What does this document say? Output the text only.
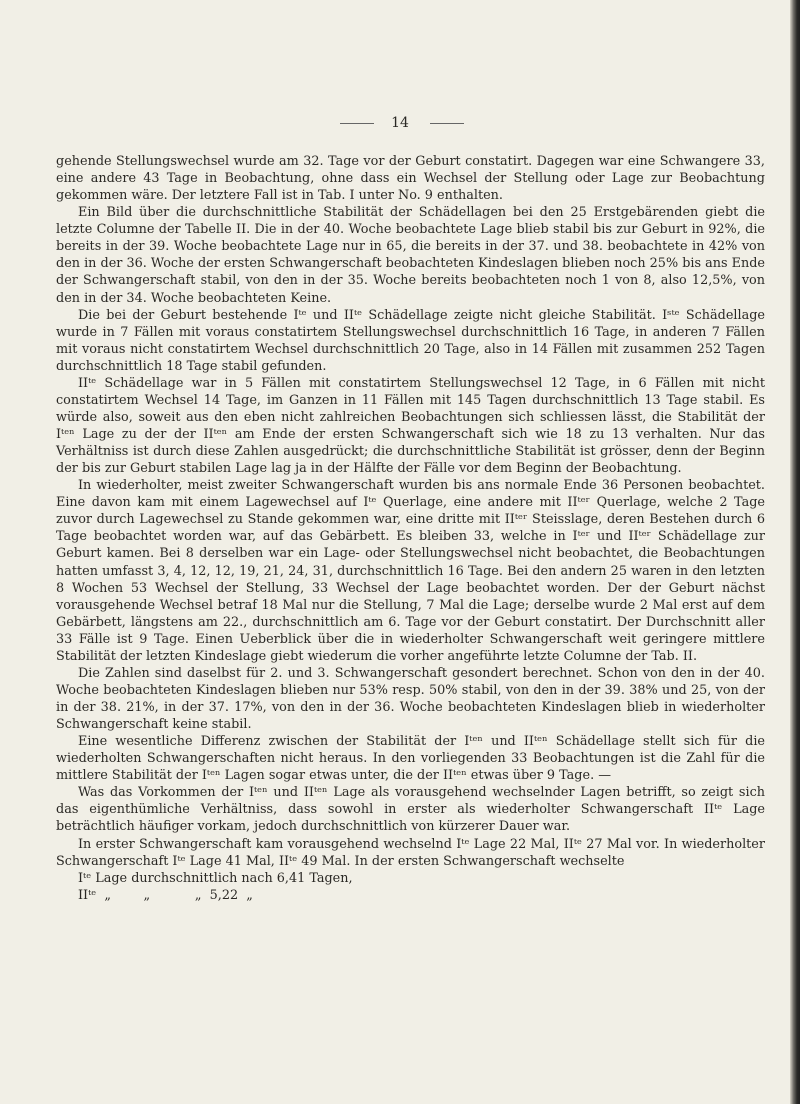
14

gehende Stellungswechsel wurde am 32. Tage vor der Geburt constatirt. Dagegen war eine Schwangere 33, eine andere 43 Tage in Beobachtung, ohne dass ein Wechsel der Stellung oder Lage zur Beobachtung gekommen wäre. Der letztere Fall ist in Tab. I unter No. 9 enthalten.

Ein Bild über die durchschnittliche Stabilität der Schädellagen bei den 25 Erstgebärenden giebt die letzte Columne der Tabelle II. Die in der 40. Woche beobachtete Lage blieb stabil bis zur Geburt in 92%, die bereits in der 39. Woche beobachtete Lage nur in 65, die bereits in der 37. und 38. beobachtete in 42% von den in der 36. Woche der ersten Schwangerschaft beobachteten Kindeslagen blieben noch 25% bis ans Ende der Schwangerschaft stabil, von den in der 35. Woche bereits beobachteten noch 1 von 8, also 12,5%, von den in der 34. Woche beobachteten Keine.

Die bei der Geburt bestehende Iᵗᵉ und IIᵗᵉ Schädellage zeigte nicht gleiche Stabilität. Iˢᵗᵉ Schädellage wurde in 7 Fällen mit voraus constatirtem Stellungswechsel durchschnittlich 16 Tage, in anderen 7 Fällen mit voraus nicht constatirtem Wechsel durchschnittlich 20 Tage, also in 14 Fällen mit zusammen 252 Tagen durchschnittlich 18 Tage stabil gefunden.

IIᵗᵉ Schädellage war in 5 Fällen mit constatirtem Stellungswechsel 12 Tage, in 6 Fällen mit nicht constatirtem Wechsel 14 Tage, im Ganzen in 11 Fällen mit 145 Tagen durchschnittlich 13 Tage stabil. Es würde also, soweit aus den eben nicht zahlreichen Beobachtungen sich schliessen lässt, die Stabilität der Iᵗᵉⁿ Lage zu der der IIᵗᵉⁿ am Ende der ersten Schwangerschaft sich wie 18 zu 13 verhalten. Nur das Verhältniss ist durch diese Zahlen ausgedrückt; die durchschnittliche Stabilität ist grösser, denn der Beginn der bis zur Geburt stabilen Lage lag ja in der Hälfte der Fälle vor dem Beginn der Beobachtung.

In wiederholter, meist zweiter Schwangerschaft wurden bis ans normale Ende 36 Personen beobachtet. Eine davon kam mit einem Lagewechsel auf Iᵗᵉ Querlage, eine andere mit IIᵗᵉʳ Querlage, welche 2 Tage zuvor durch Lagewechsel zu Stande gekommen war, eine dritte mit IIᵗᵉʳ Steisslage, deren Bestehen durch 6 Tage beobachtet worden war, auf das Gebärbett. Es bleiben 33, welche in Iᵗᵉʳ und IIᵗᵉʳ Schädellage zur Geburt kamen. Bei 8 derselben war ein Lage- oder Stellungswechsel nicht beobachtet, die Beobachtungen hatten umfasst 3, 4, 12, 12, 19, 21, 24, 31, durchschnittlich 16 Tage. Bei den andern 25 waren in den letzten 8 Wochen 53 Wechsel der Stellung, 33 Wechsel der Lage beobachtet worden. Der der Geburt nächst vorausgehende Wechsel betraf 18 Mal nur die Stellung, 7 Mal die Lage; derselbe wurde 2 Mal erst auf dem Gebärbett, längstens am 22., durchschnittlich am 6. Tage vor der Geburt constatirt. Der Durchschnitt aller 33 Fälle ist 9 Tage. Einen Ueberblick über die in wiederholter Schwangerschaft weit geringere mittlere Stabilität der letzten Kindeslage giebt wiederum die vorher angeführte letzte Columne der Tab. II.

Die Zahlen sind daselbst für 2. und 3. Schwangerschaft gesondert berechnet. Schon von den in der 40. Woche beobachteten Kindeslagen blieben nur 53% resp. 50% stabil, von den in der 39. 38% und 25, von der in der 38. 21%, in der 37. 17%, von den in der 36. Woche beobachteten Kindeslagen blieb in wiederholter Schwangerschaft keine stabil.

Eine wesentliche Differenz zwischen der Stabilität der Iᵗᵉⁿ und IIᵗᵉⁿ Schädellage stellt sich für die wiederholten Schwangerschaften nicht heraus. In den vorliegenden 33 Beobachtungen ist die Zahl für die mittlere Stabilität der Iᵗᵉⁿ Lagen sogar etwas unter, die der IIᵗᵉⁿ etwas über 9 Tage. —

Was das Vorkommen der Iᵗᵉⁿ und IIᵗᵉⁿ Lage als vorausgehend wechselnder Lagen betrifft, so zeigt sich das eigenthümliche Verhältniss, dass sowohl in erster als wiederholter Schwangerschaft IIᵗᵉ Lage beträchtlich häufiger vorkam, jedoch durchschnittlich von kürzerer Dauer war.

In erster Schwangerschaft kam vorausgehend wechselnd Iᵗᵉ Lage 22 Mal, IIᵗᵉ 27 Mal vor. In wiederholter Schwangerschaft Iᵗᵉ Lage 41 Mal, IIᵗᵉ 49 Mal. In der ersten Schwangerschaft wechselte

Iᵗᵉ Lage durchschnittlich nach 6,41 Tagen,
IIᵗᵉ  „        „           „  5,22  „
